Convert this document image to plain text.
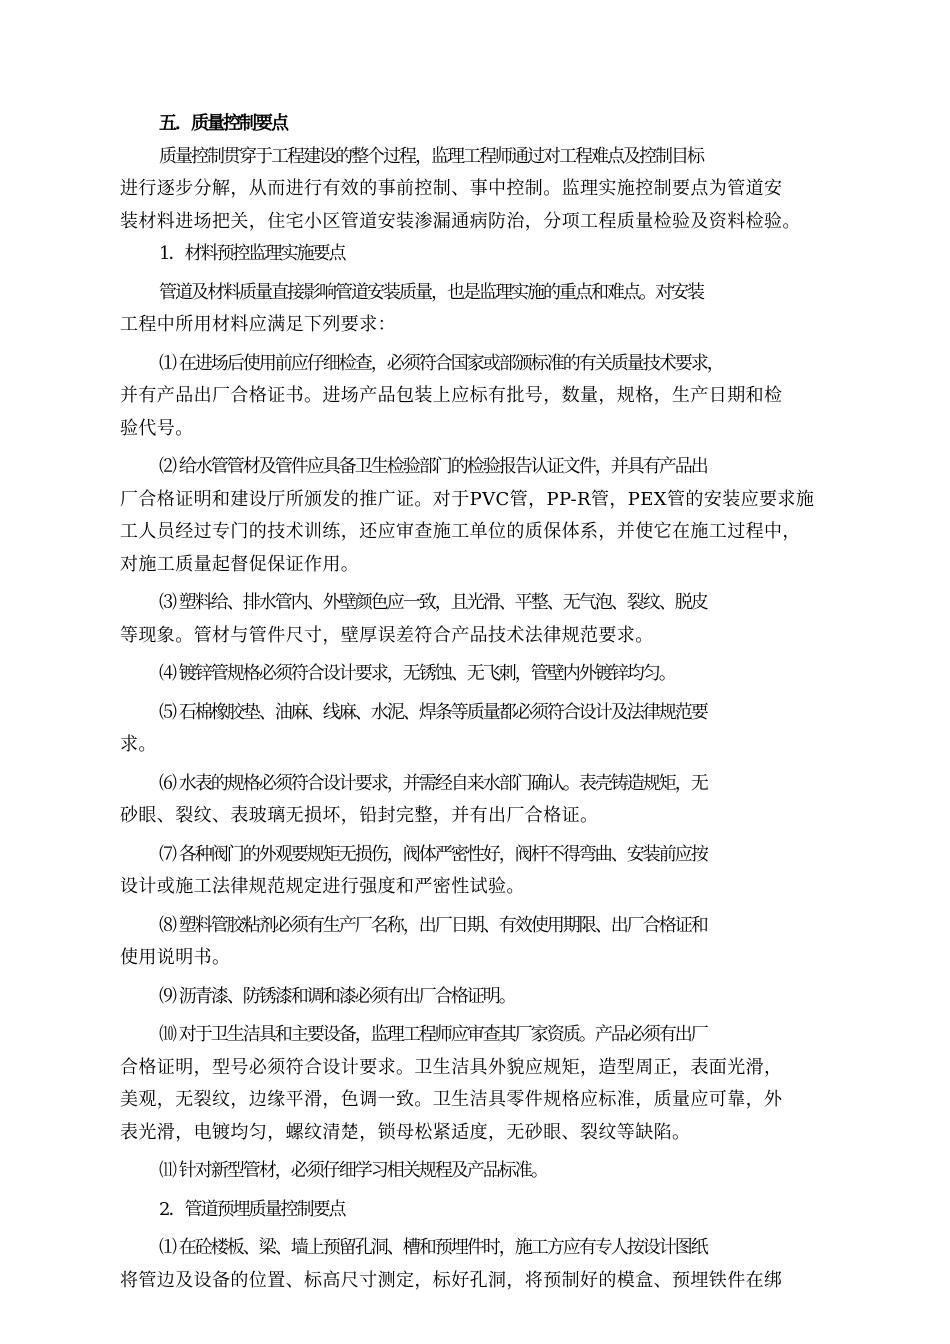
五．质量控制要点
质量控制贯穿于工程建设的整个过程，监理工程师通过对工程难点及控制目标
进行逐步分解，从而进行有效的事前控制、事中控制。监理实施控制要点为管道安
装材料进场把关，住宅小区管道安装渗漏通病防治，分项工程质量检验及资料检验。
1．材料预控监理实施要点
管道及材料质量直接影响管道安装质量，也是监理实施的重点和难点。对安装
工程中所用材料应满足下列要求：
⑴ 在进场后使用前应仔细检查，必须符合国家或部颁标准的有关质量技术要求，
并有产品出厂合格证书。进场产品包装上应标有批号，数量，规格，生产日期和检
验代号。
⑵ 给水管管材及管件应具备卫生检验部门的检验报告认证文件，并具有产品出
厂合格证明和建设厅所颁发的推广证。对于PVC管，PP-R管，PEX管的安装应要求施
工人员经过专门的技术训练，还应审查施工单位的质保体系，并使它在施工过程中，
对施工质量起督促保证作用。
⑶ 塑料给、排水管内、外壁颜色应一致，且光滑、平整、无气泡、裂纹、脱皮
等现象。管材与管件尺寸，壁厚误差符合产品技术法律规范要求。
⑷ 镀锌管规格必须符合设计要求，无锈蚀、无飞刺，管壁内外镀锌均匀。
⑸ 石棉橡胶垫、油麻、线麻、水泥、焊条等质量都必须符合设计及法律规范要
求。
⑹ 水表的规格必须符合设计要求，并需经自来水部门确认。表壳铸造规矩，无
砂眼、裂纹、表玻璃无损坏，铅封完整，并有出厂合格证。
⑺ 各种阀门的外观要规矩无损伤，阀体严密性好，阀杆不得弯曲、安装前应按
设计或施工法律规范规定进行强度和严密性试验。
⑻ 塑料管胶粘剂必须有生产厂名称，出厂日期、有效使用期限、出厂合格证和
使用说明书。
⑼ 沥青漆、防锈漆和调和漆必须有出厂合格证明。
⑽ 对于卫生洁具和主要设备，监理工程师应审查其厂家资质。产品必须有出厂
合格证明，型号必须符合设计要求。卫生洁具外貌应规矩，造型周正，表面光滑，
美观，无裂纹，边缘平滑，色调一致。卫生洁具零件规格应标准，质量应可靠，外
表光滑，电镀均匀，螺纹清楚，锁母松紧适度，无砂眼、裂纹等缺陷。
⑾ 针对新型管材，必须仔细学习相关规程及产品标准。
2．管道预埋质量控制要点
⑴ 在砼楼板、梁、墙上预留孔洞、槽和预埋件时，施工方应有专人按设计图纸
将管边及设备的位置、标高尺寸测定，标好孔洞，将预制好的模盒、预埋铁件在绑
